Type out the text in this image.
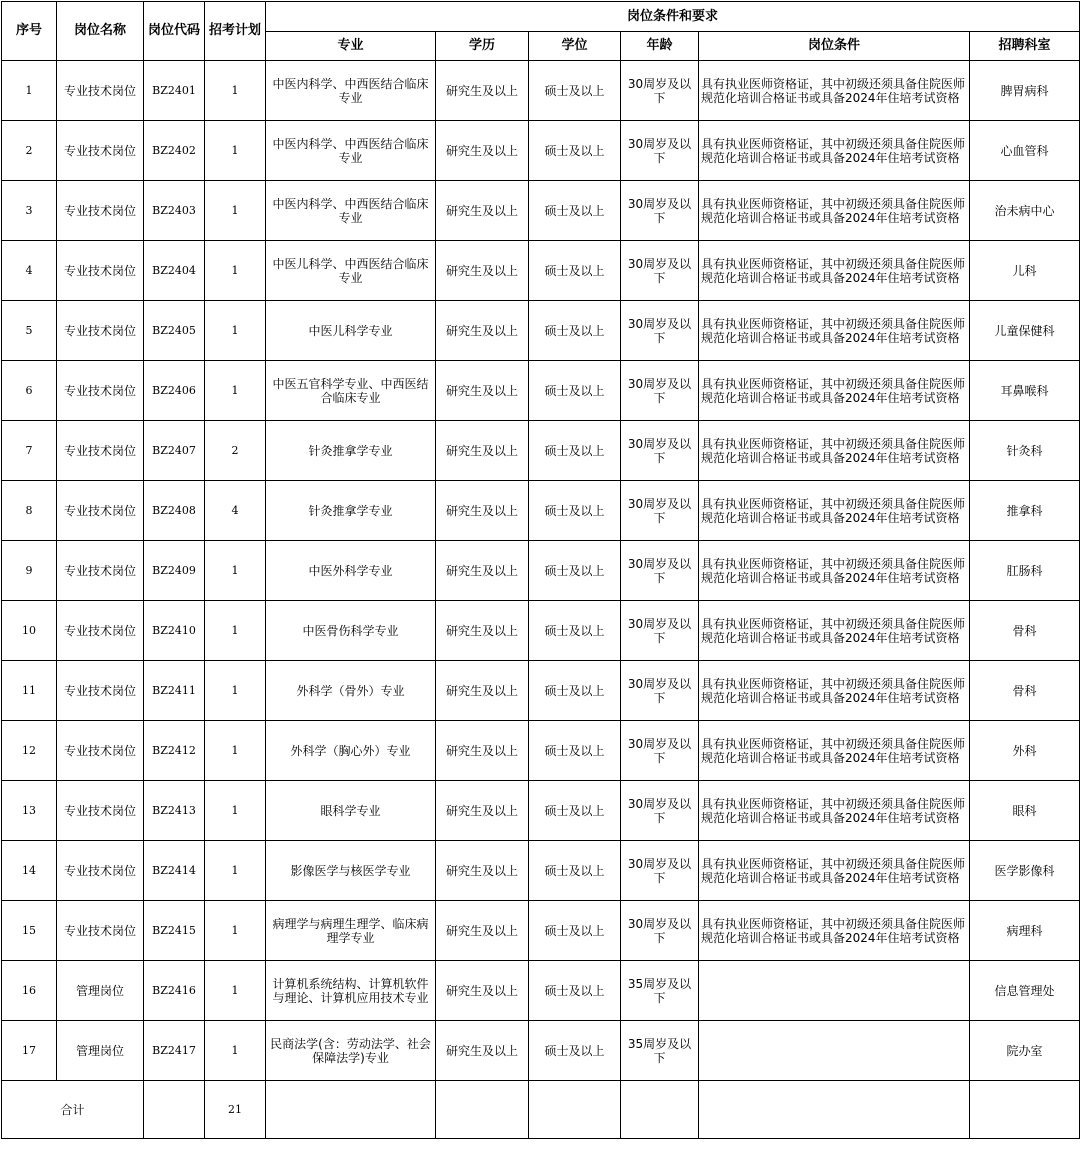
序号	岗位名称	岗位代码	招考计划	岗位条件和要求					
				专业	学历	学位	年龄	岗位条件	招聘科室
1	专业技术岗位	BZ2401	1	中医内科学、中西医结合临床专业	研究生及以上	硕士及以上	30周岁及以下	具有执业医师资格证，其中初级还须具备住院医师规范化培训合格证书或具备2024年住培考试资格	脾胃病科
2	专业技术岗位	BZ2402	1	中医内科学、中西医结合临床专业	研究生及以上	硕士及以上	30周岁及以下	具有执业医师资格证，其中初级还须具备住院医师规范化培训合格证书或具备2024年住培考试资格	心血管科
3	专业技术岗位	BZ2403	1	中医内科学、中西医结合临床专业	研究生及以上	硕士及以上	30周岁及以下	具有执业医师资格证，其中初级还须具备住院医师规范化培训合格证书或具备2024年住培考试资格	治未病中心
4	专业技术岗位	BZ2404	1	中医儿科学、中西医结合临床专业	研究生及以上	硕士及以上	30周岁及以下	具有执业医师资格证，其中初级还须具备住院医师规范化培训合格证书或具备2024年住培考试资格	儿科
5	专业技术岗位	BZ2405	1	中医儿科学专业	研究生及以上	硕士及以上	30周岁及以下	具有执业医师资格证，其中初级还须具备住院医师规范化培训合格证书或具备2024年住培考试资格	儿童保健科
6	专业技术岗位	BZ2406	1	中医五官科学专业、中西医结合临床专业	研究生及以上	硕士及以上	30周岁及以下	具有执业医师资格证，其中初级还须具备住院医师规范化培训合格证书或具备2024年住培考试资格	耳鼻喉科
7	专业技术岗位	BZ2407	2	针灸推拿学专业	研究生及以上	硕士及以上	30周岁及以下	具有执业医师资格证，其中初级还须具备住院医师规范化培训合格证书或具备2024年住培考试资格	针灸科
8	专业技术岗位	BZ2408	4	针灸推拿学专业	研究生及以上	硕士及以上	30周岁及以下	具有执业医师资格证，其中初级还须具备住院医师规范化培训合格证书或具备2024年住培考试资格	推拿科
9	专业技术岗位	BZ2409	1	中医外科学专业	研究生及以上	硕士及以上	30周岁及以下	具有执业医师资格证，其中初级还须具备住院医师规范化培训合格证书或具备2024年住培考试资格	肛肠科
10	专业技术岗位	BZ2410	1	中医骨伤科学专业	研究生及以上	硕士及以上	30周岁及以下	具有执业医师资格证，其中初级还须具备住院医师规范化培训合格证书或具备2024年住培考试资格	骨科
11	专业技术岗位	BZ2411	1	外科学（骨外）专业	研究生及以上	硕士及以上	30周岁及以下	具有执业医师资格证，其中初级还须具备住院医师规范化培训合格证书或具备2024年住培考试资格	骨科
12	专业技术岗位	BZ2412	1	外科学（胸心外）专业	研究生及以上	硕士及以上	30周岁及以下	具有执业医师资格证，其中初级还须具备住院医师规范化培训合格证书或具备2024年住培考试资格	外科
13	专业技术岗位	BZ2413	1	眼科学专业	研究生及以上	硕士及以上	30周岁及以下	具有执业医师资格证，其中初级还须具备住院医师规范化培训合格证书或具备2024年住培考试资格	眼科
14	专业技术岗位	BZ2414	1	影像医学与核医学专业	研究生及以上	硕士及以上	30周岁及以下	具有执业医师资格证，其中初级还须具备住院医师规范化培训合格证书或具备2024年住培考试资格	医学影像科
15	专业技术岗位	BZ2415	1	病理学与病理生理学、临床病理学专业	研究生及以上	硕士及以上	30周岁及以下	具有执业医师资格证，其中初级还须具备住院医师规范化培训合格证书或具备2024年住培考试资格	病理科
16	管理岗位	BZ2416	1	计算机系统结构、计算机软件与理论、计算机应用技术专业	研究生及以上	硕士及以上	35周岁及以下		信息管理处
17	管理岗位	BZ2417	1	民商法学(含：劳动法学、社会保障法学)专业	研究生及以上	硕士及以上	35周岁及以下		院办室
合计			21						
